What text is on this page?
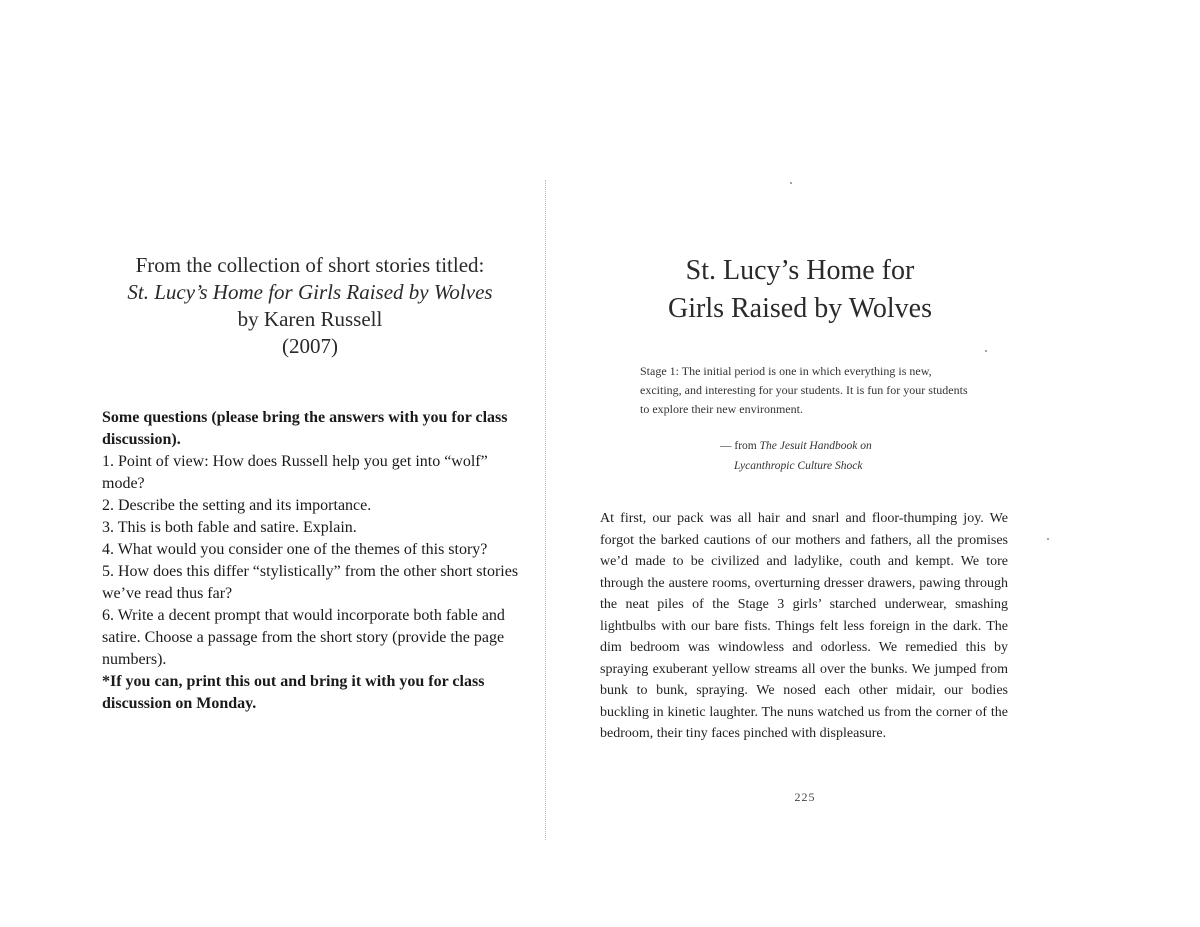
From the collection of short stories titled:
St. Lucy’s Home for Girls Raised by Wolves
by Karen Russell
(2007)
Some questions (please bring the answers with you for class discussion).
1. Point of view: How does Russell help you get into “wolf” mode?
2. Describe the setting and its importance.
3. This is both fable and satire. Explain.
4. What would you consider one of the themes of this story?
5. How does this differ “stylistically” from the other short stories we’ve read thus far?
6. Write a decent prompt that would incorporate both fable and satire. Choose a passage from the short story (provide the page numbers).
*If you can, print this out and bring it with you for class discussion on Monday.
St. Lucy’s Home for
Girls Raised by Wolves
Stage 1: The initial period is one in which everything is new, exciting, and interesting for your students. It is fun for your students to explore their new environment.
— from The Jesuit Handbook on
Lycanthropic Culture Shock
At first, our pack was all hair and snarl and floor-thumping joy. We forgot the barked cautions of our mothers and fathers, all the promises we’d made to be civilized and ladylike, couth and kempt. We tore through the austere rooms, overturning dresser drawers, pawing through the neat piles of the Stage 3 girls’ starched underwear, smashing lightbulbs with our bare fists. Things felt less foreign in the dark. The dim bedroom was windowless and odorless. We remedied this by spraying exuberant yellow streams all over the bunks. We jumped from bunk to bunk, spraying. We nosed each other midair, our bodies buckling in kinetic laughter. The nuns watched us from the corner of the bedroom, their tiny faces pinched with displeasure.
225
